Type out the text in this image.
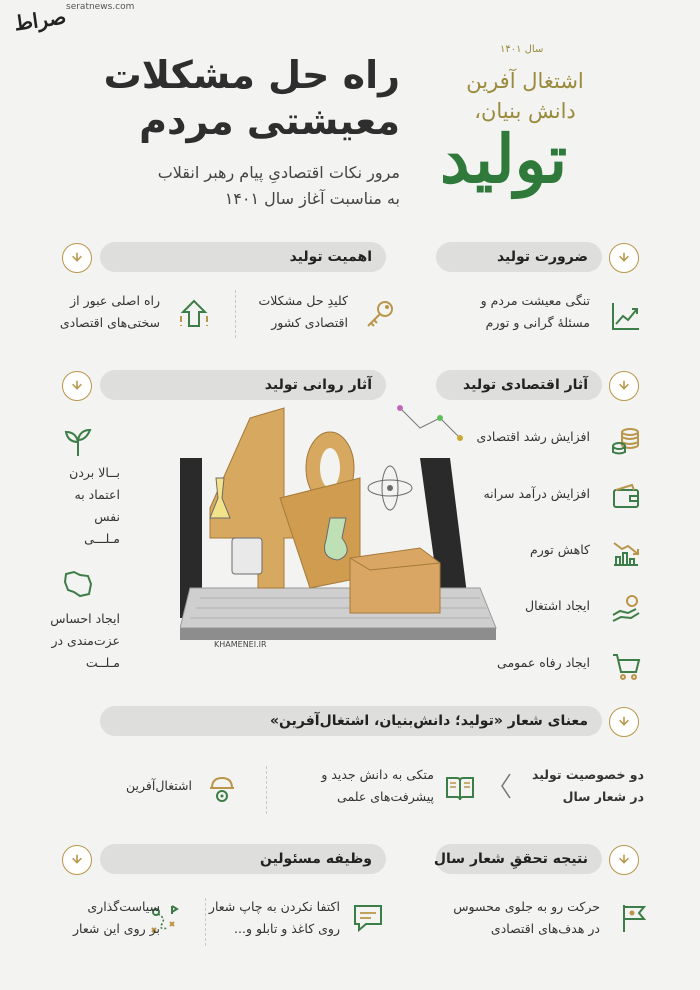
صراط
seratnews.com
راه حل مشکلات
معیشتی مردم
مرور نکات اقتصادیِ پیام رهبر انقلاب
به مناسبت آغاز سال ۱۴۰۱
سال ۱۴۰۱
اشتغال آفرین
دانش بنیان،
تولید
ضرورت تولید
اهمیت تولید
تنگی معیشت مردم و
مسئلهٔ گرانی و تورم
کلیدِ حل مشکلات
اقتصادی کشور
راه اصلی عبور از
سختی‌های اقتصادی
آثار اقتصادی تولید
آثار روانی تولید
افزایش رشد اقتصادی
افزایش درآمد سرانه
کاهش تورم
ایجاد اشتغال
ایجاد رفاه عمومی
بــالا بردن
اعتماد به نفس
مـلـــی
ایجاد احساس
عزت‌مندی در
مـلــت
KHAMENEI.IR
معنای شعار «تولید؛ دانش‌بنیان، اشتغال‌آفرین»
دو خصوصیت تولید
در شعار سال
متکی به دانش جدید و
پیشرفت‌های علمی
اشتغال‌آفرین
نتیجه تحققِ شعار سال
وظیفه مسئولین
حرکت رو به جلوی محسوس
در هدف‌های اقتصادی
اکتفا نکردن به چاپ شعار
روی کاغذ و تابلو و...
سیاست‌گذاری
بر روی این شعار
